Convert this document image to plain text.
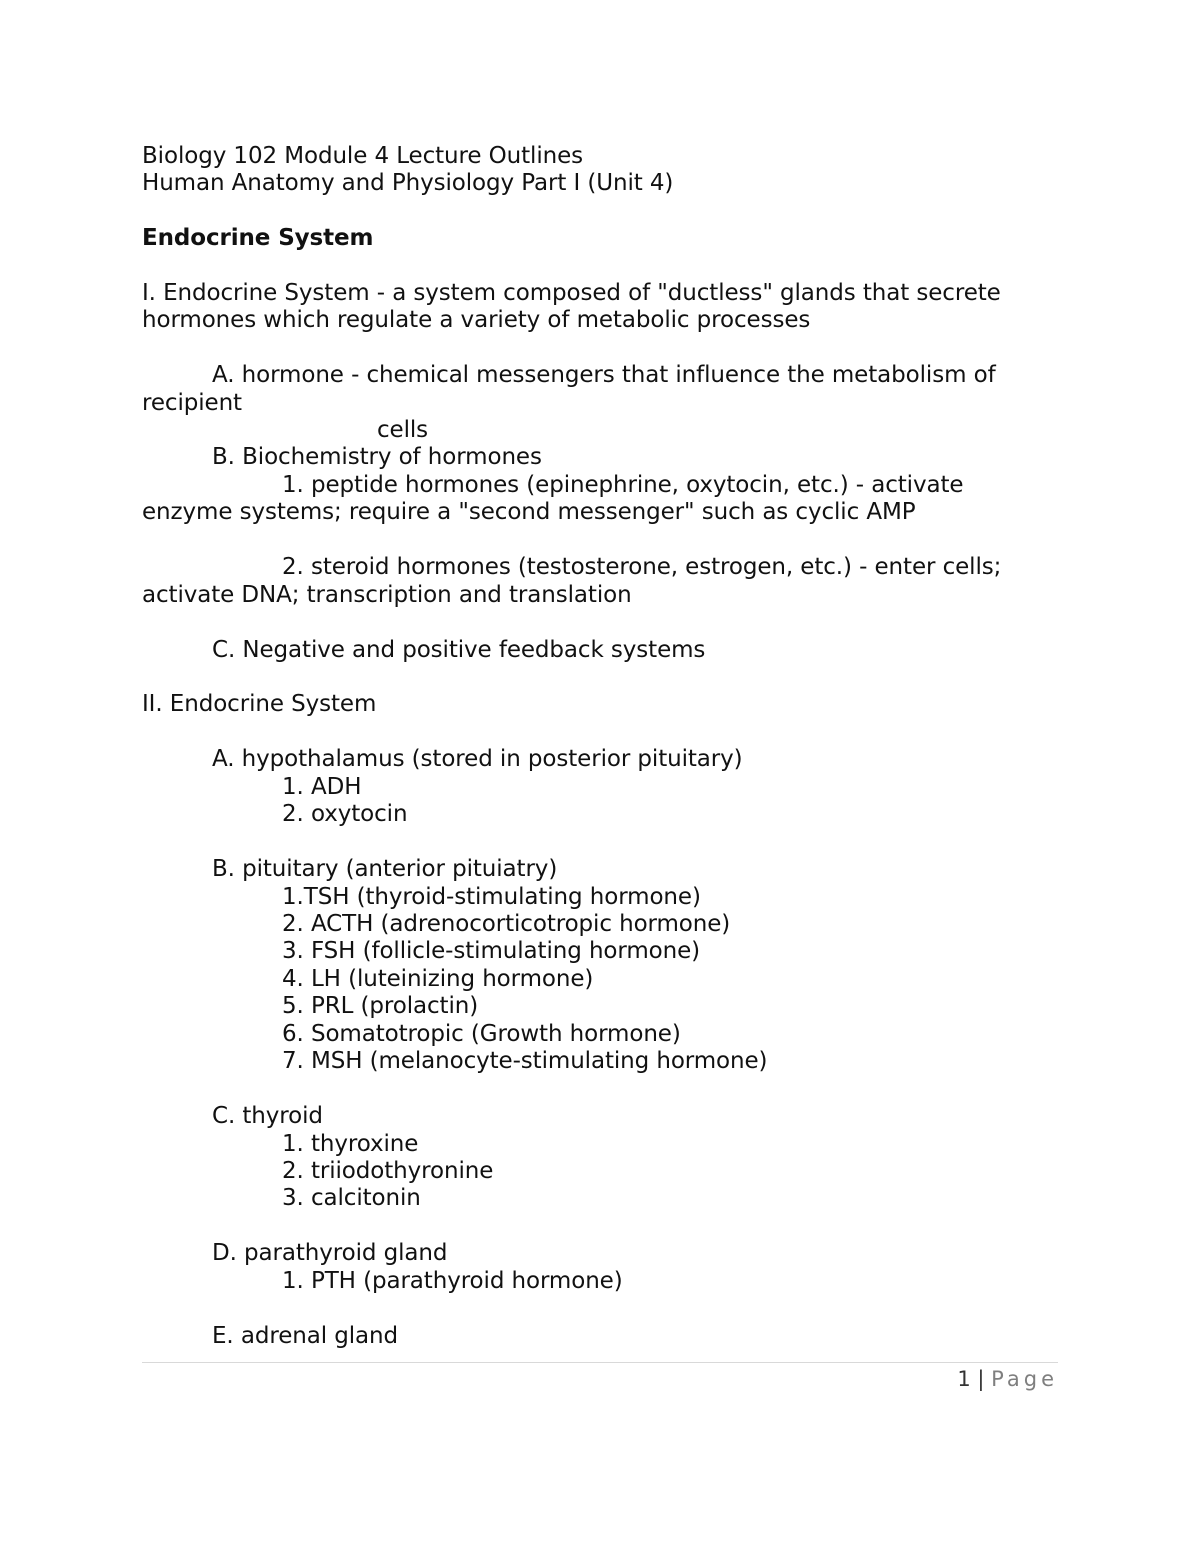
Biology 102 Module 4 Lecture Outlines
Human Anatomy and Physiology Part I (Unit 4)
Endocrine System
I. Endocrine System - a system composed of "ductless" glands that secrete
hormones which regulate a variety of metabolic processes
A. hormone - chemical messengers that influence the metabolism of
recipient
cells
B. Biochemistry of hormones
1. peptide hormones (epinephrine, oxytocin, etc.) - activate
enzyme systems; require a "second messenger" such as cyclic AMP
2. steroid hormones (testosterone, estrogen, etc.) - enter cells;
activate DNA; transcription and translation
C. Negative and positive feedback systems
II. Endocrine System
A. hypothalamus (stored in posterior pituitary)
1. ADH
2. oxytocin
B. pituitary (anterior pituiatry)
1.TSH (thyroid-stimulating hormone)
2. ACTH (adrenocorticotropic hormone)
3. FSH (follicle-stimulating hormone)
4. LH (luteinizing hormone)
5. PRL (prolactin)
6. Somatotropic (Growth hormone)
7. MSH (melanocyte-stimulating hormone)
C. thyroid
1. thyroxine
2. triiodothyronine
3. calcitonin
D. parathyroid gland
1. PTH (parathyroid hormone)
E. adrenal gland
1 | Page
